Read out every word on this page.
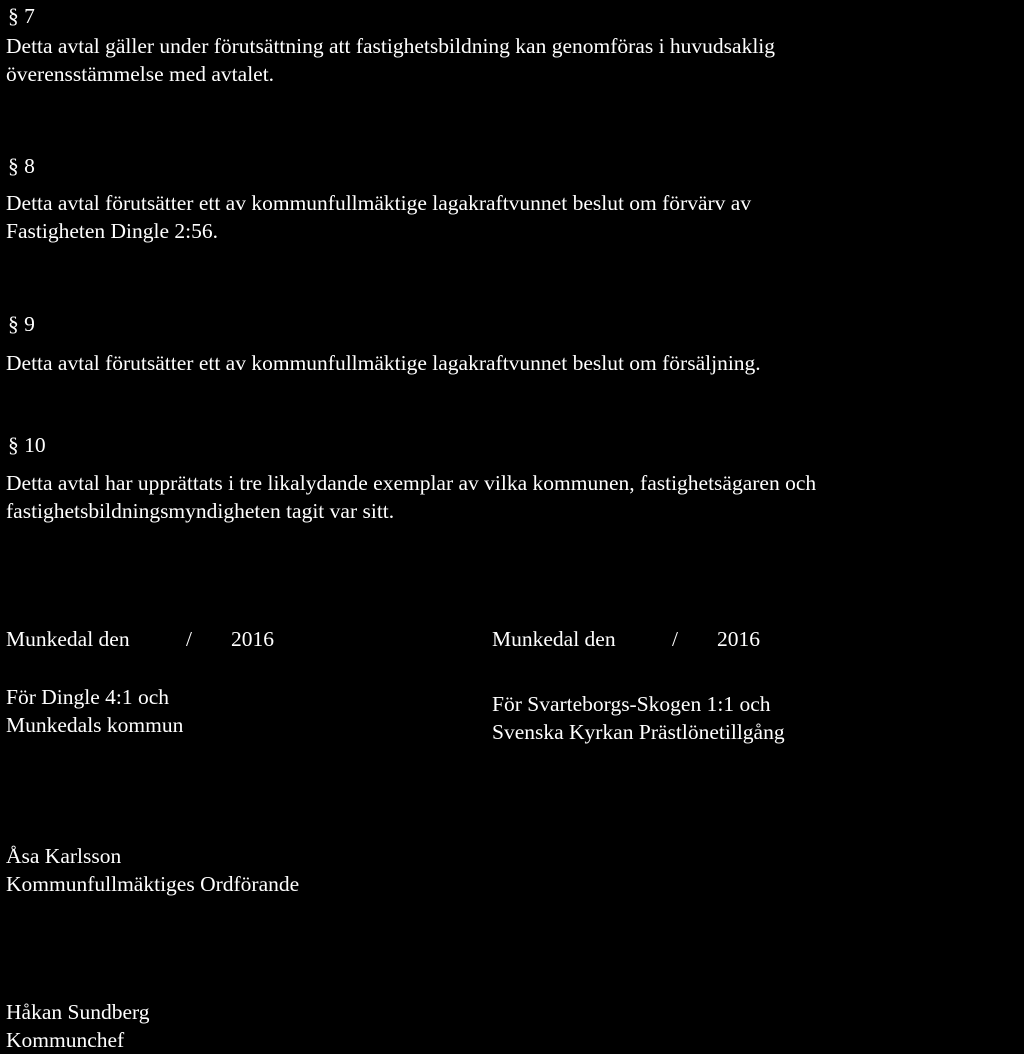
§ 7

Detta avtal gäller under förutsättning att fastighetsbildning kan genomföras i huvudsaklig

överensstämmelse med avtalet.

§ 8

Detta avtal förutsätter ett av kommunfullmäktige lagakraftvunnet beslut om förvärv av

Fastigheten Dingle 2:56.

§ 9

Detta avtal förutsätter ett av kommunfullmäktige lagakraftvunnet beslut om försäljning.

§ 10

Detta avtal har upprättats i tre likalydande exemplar av vilka kommunen, fastighetsägaren och

fastighetsbildningsmyndigheten tagit var sitt.

Munkedal den	/ 2016	Munkedal den	/ 2016
För Dingle 4:1 och
Munkedals kommun
För Svarteborgs-Skogen 1:1 och
Svenska Kyrkan Prästlönetillgång
Åsa Karlsson
Kommunfullmäktiges Ordförande
Håkan Sundberg
Kommunchef
